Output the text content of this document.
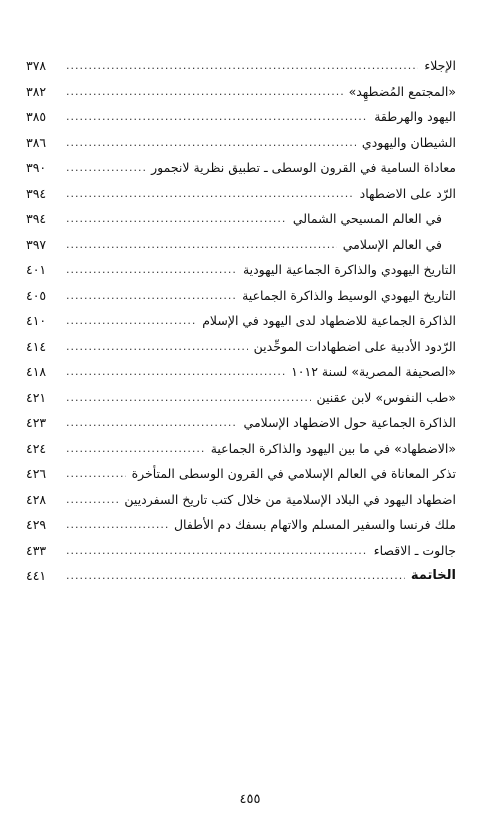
الإجلاء
.....
٣٧٨
«المجتمع المُضطهِد»
.....
٣٨٢
اليهود والهرطقة
.....
٣٨٥
الشيطان واليهودي
.....
٣٨٦
معاداة السامية في القرون الوسطى ـ تطبيق نظرية لانجمور
.....
٣٩٠
الرّد على الاضطهاد
.....
٣٩٤
في العالم المسيحي الشمالي
.....
٣٩٤
في العالم الإسلامي
.....
٣٩٧
التاريخ اليهودي والذاكرة الجماعية اليهودية
.....
٤٠١
التاريخ اليهودي الوسيط والذاكرة الجماعية
.....
٤٠٥
الذاكرة الجماعية للاضطهاد لدى اليهود في الإسلام
.....
٤١٠
الرّدود الأدبية على اضطهادات الموحِّدين
.....
٤١٤
«الصحيفة المصرية» لسنة ١٠١٢
.....
٤١٨
«طب النفوس» لابن عقنين
.....
٤٢١
الذاكرة الجماعية حول الاضطهاد الإسلامي
.....
٤٢٣
«الاضطهاد» في ما بين اليهود والذاكرة الجماعية
.....
٤٢٤
تذكر المعاناة في العالم الإسلامي في القرون الوسطى المتأخرة
.....
٤٢٦
اضطهاد اليهود في البلاد الإسلامية من خلال كتب تاريخ السفرديين
.....
٤٢٨
ملك فرنسا والسفير المسلم والاتهام بسفك دم الأطفال
.....
٤٢٩
جالوت ـ الاقصاء
.....
٤٣٣
الخاتمة
.....
٤٤١
٤٥٥
